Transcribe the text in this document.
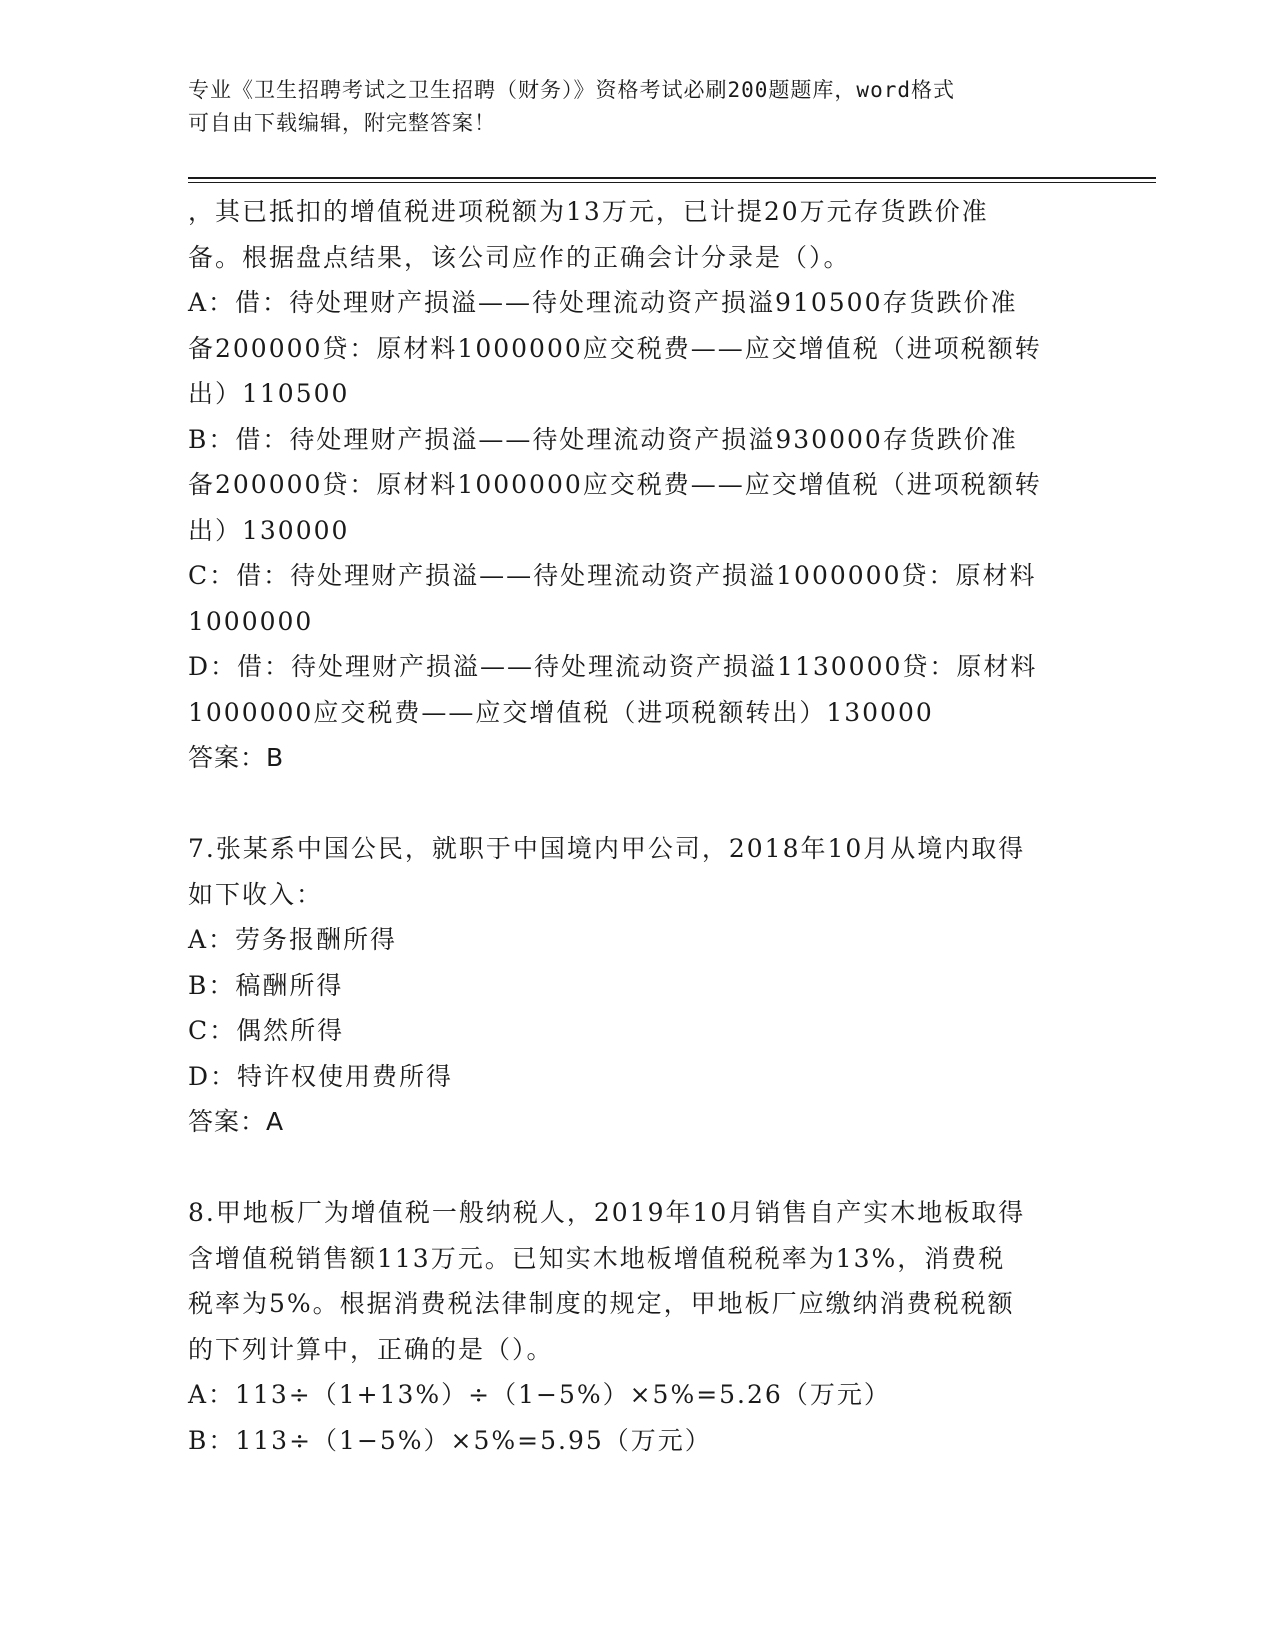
专业《卫生招聘考试之卫生招聘（财务）》资格考试必刷200题题库，word格式
可自由下载编辑，附完整答案！
，其已抵扣的增值税进项税额为13万元，已计提20万元存货跌价准
备。根据盘点结果，该公司应作的正确会计分录是（）。
A：借：待处理财产损溢——待处理流动资产损溢910500存货跌价准
备200000贷：原材料1000000应交税费——应交增值税（进项税额转
出）110500
B：借：待处理财产损溢——待处理流动资产损溢930000存货跌价准
备200000贷：原材料1000000应交税费——应交增值税（进项税额转
出）130000
C：借：待处理财产损溢——待处理流动资产损溢1000000贷：原材料
1000000
D：借：待处理财产损溢——待处理流动资产损溢1130000贷：原材料
1000000应交税费——应交增值税（进项税额转出）130000
答案：B
7.张某系中国公民，就职于中国境内甲公司，2018年10月从境内取得
如下收入：
A：劳务报酬所得
B：稿酬所得
C：偶然所得
D：特许权使用费所得
答案：A
8.甲地板厂为增值税一般纳税人，2019年10月销售自产实木地板取得
含增值税销售额113万元。已知实木地板增值税税率为13%，消费税
税率为5%。根据消费税法律制度的规定，甲地板厂应缴纳消费税税额
的下列计算中，正确的是（）。
A：113÷（1+13%）÷（1−5%）×5%=5.26（万元）
B：113÷（1−5%）×5%=5.95（万元）
